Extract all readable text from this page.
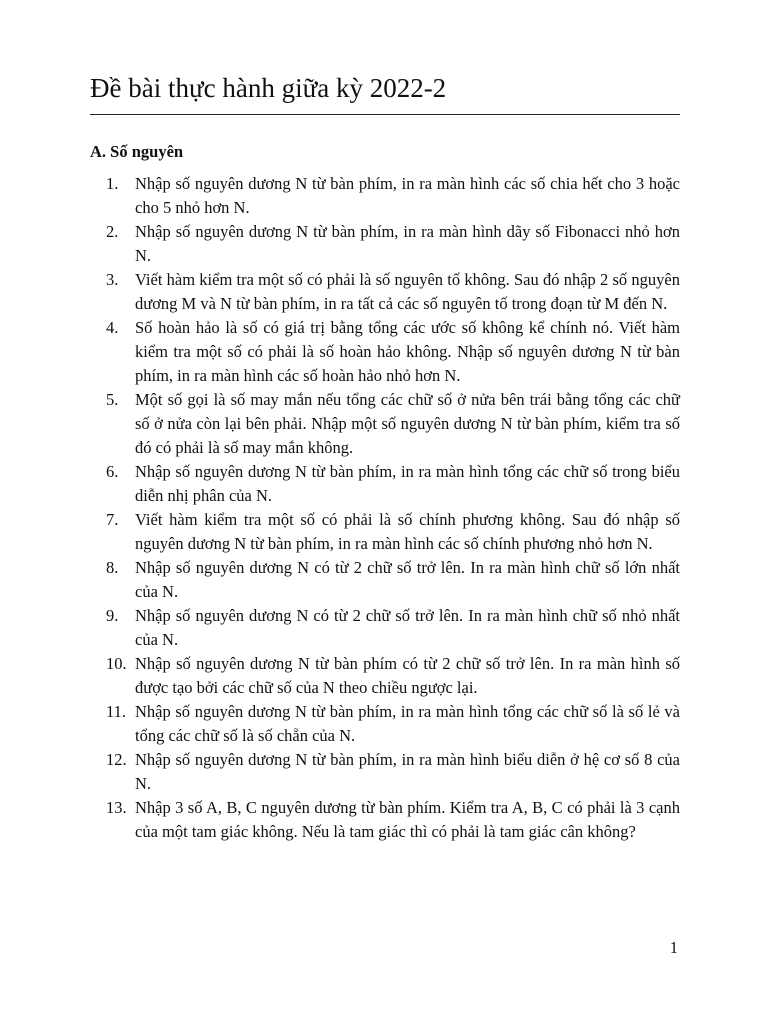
Đề bài thực hành giữa kỳ 2022-2
A. Số nguyên
1.	Nhập số nguyên dương N từ bàn phím, in ra màn hình các số chia hết cho 3 hoặc cho 5 nhỏ hơn N.
2.	Nhập số nguyên dương N từ bàn phím, in ra màn hình dãy số Fibonacci nhỏ hơn N.
3.	Viết hàm kiểm tra một số có phải là số nguyên tố không. Sau đó nhập 2 số nguyên dương M và N từ bàn phím, in ra tất cả các số nguyên tố trong đoạn từ M đến N.
4.	Số hoàn hảo là số có giá trị bằng tổng các ước số không kể chính nó. Viết hàm kiểm tra một số có phải là số hoàn hảo không. Nhập số nguyên dương N từ bàn phím, in ra màn hình các số hoàn hảo nhỏ hơn N.
5.	Một số gọi là số may mắn nếu tổng các chữ số ở nửa bên trái bằng tổng các chữ số ở nửa còn lại bên phải. Nhập một số nguyên dương N từ bàn phím, kiểm tra số đó có phải là số may mắn không.
6.	Nhập số nguyên dương N từ bàn phím, in ra màn hình tổng các chữ số trong biểu diễn nhị phân của N.
7.	Viết hàm kiểm tra một số có phải là số chính phương không. Sau đó nhập số nguyên dương N từ bàn phím, in ra màn hình các số chính phương nhỏ hơn N.
8.	Nhập số nguyên dương N có từ 2 chữ số trở lên. In ra màn hình chữ số lớn nhất của N.
9.	Nhập số nguyên dương N có từ 2 chữ số trở lên. In ra màn hình chữ số nhỏ nhất của N.
10. Nhập số nguyên dương N từ bàn phím có từ 2 chữ số trở lên. In ra màn hình số được tạo bởi các chữ số của N theo chiều ngược lại.
11. Nhập số nguyên dương N từ bàn phím, in ra màn hình tổng các chữ số là số lẻ và tổng các chữ số là số chẵn của N.
12. Nhập số nguyên dương N từ bàn phím, in ra màn hình biểu diễn ở hệ cơ số 8 của N.
13. Nhập 3 số A, B, C nguyên dương từ bàn phím. Kiểm tra A, B, C có phải là 3 cạnh của một tam giác không. Nếu là tam giác thì có phải là tam giác cân không?
1
